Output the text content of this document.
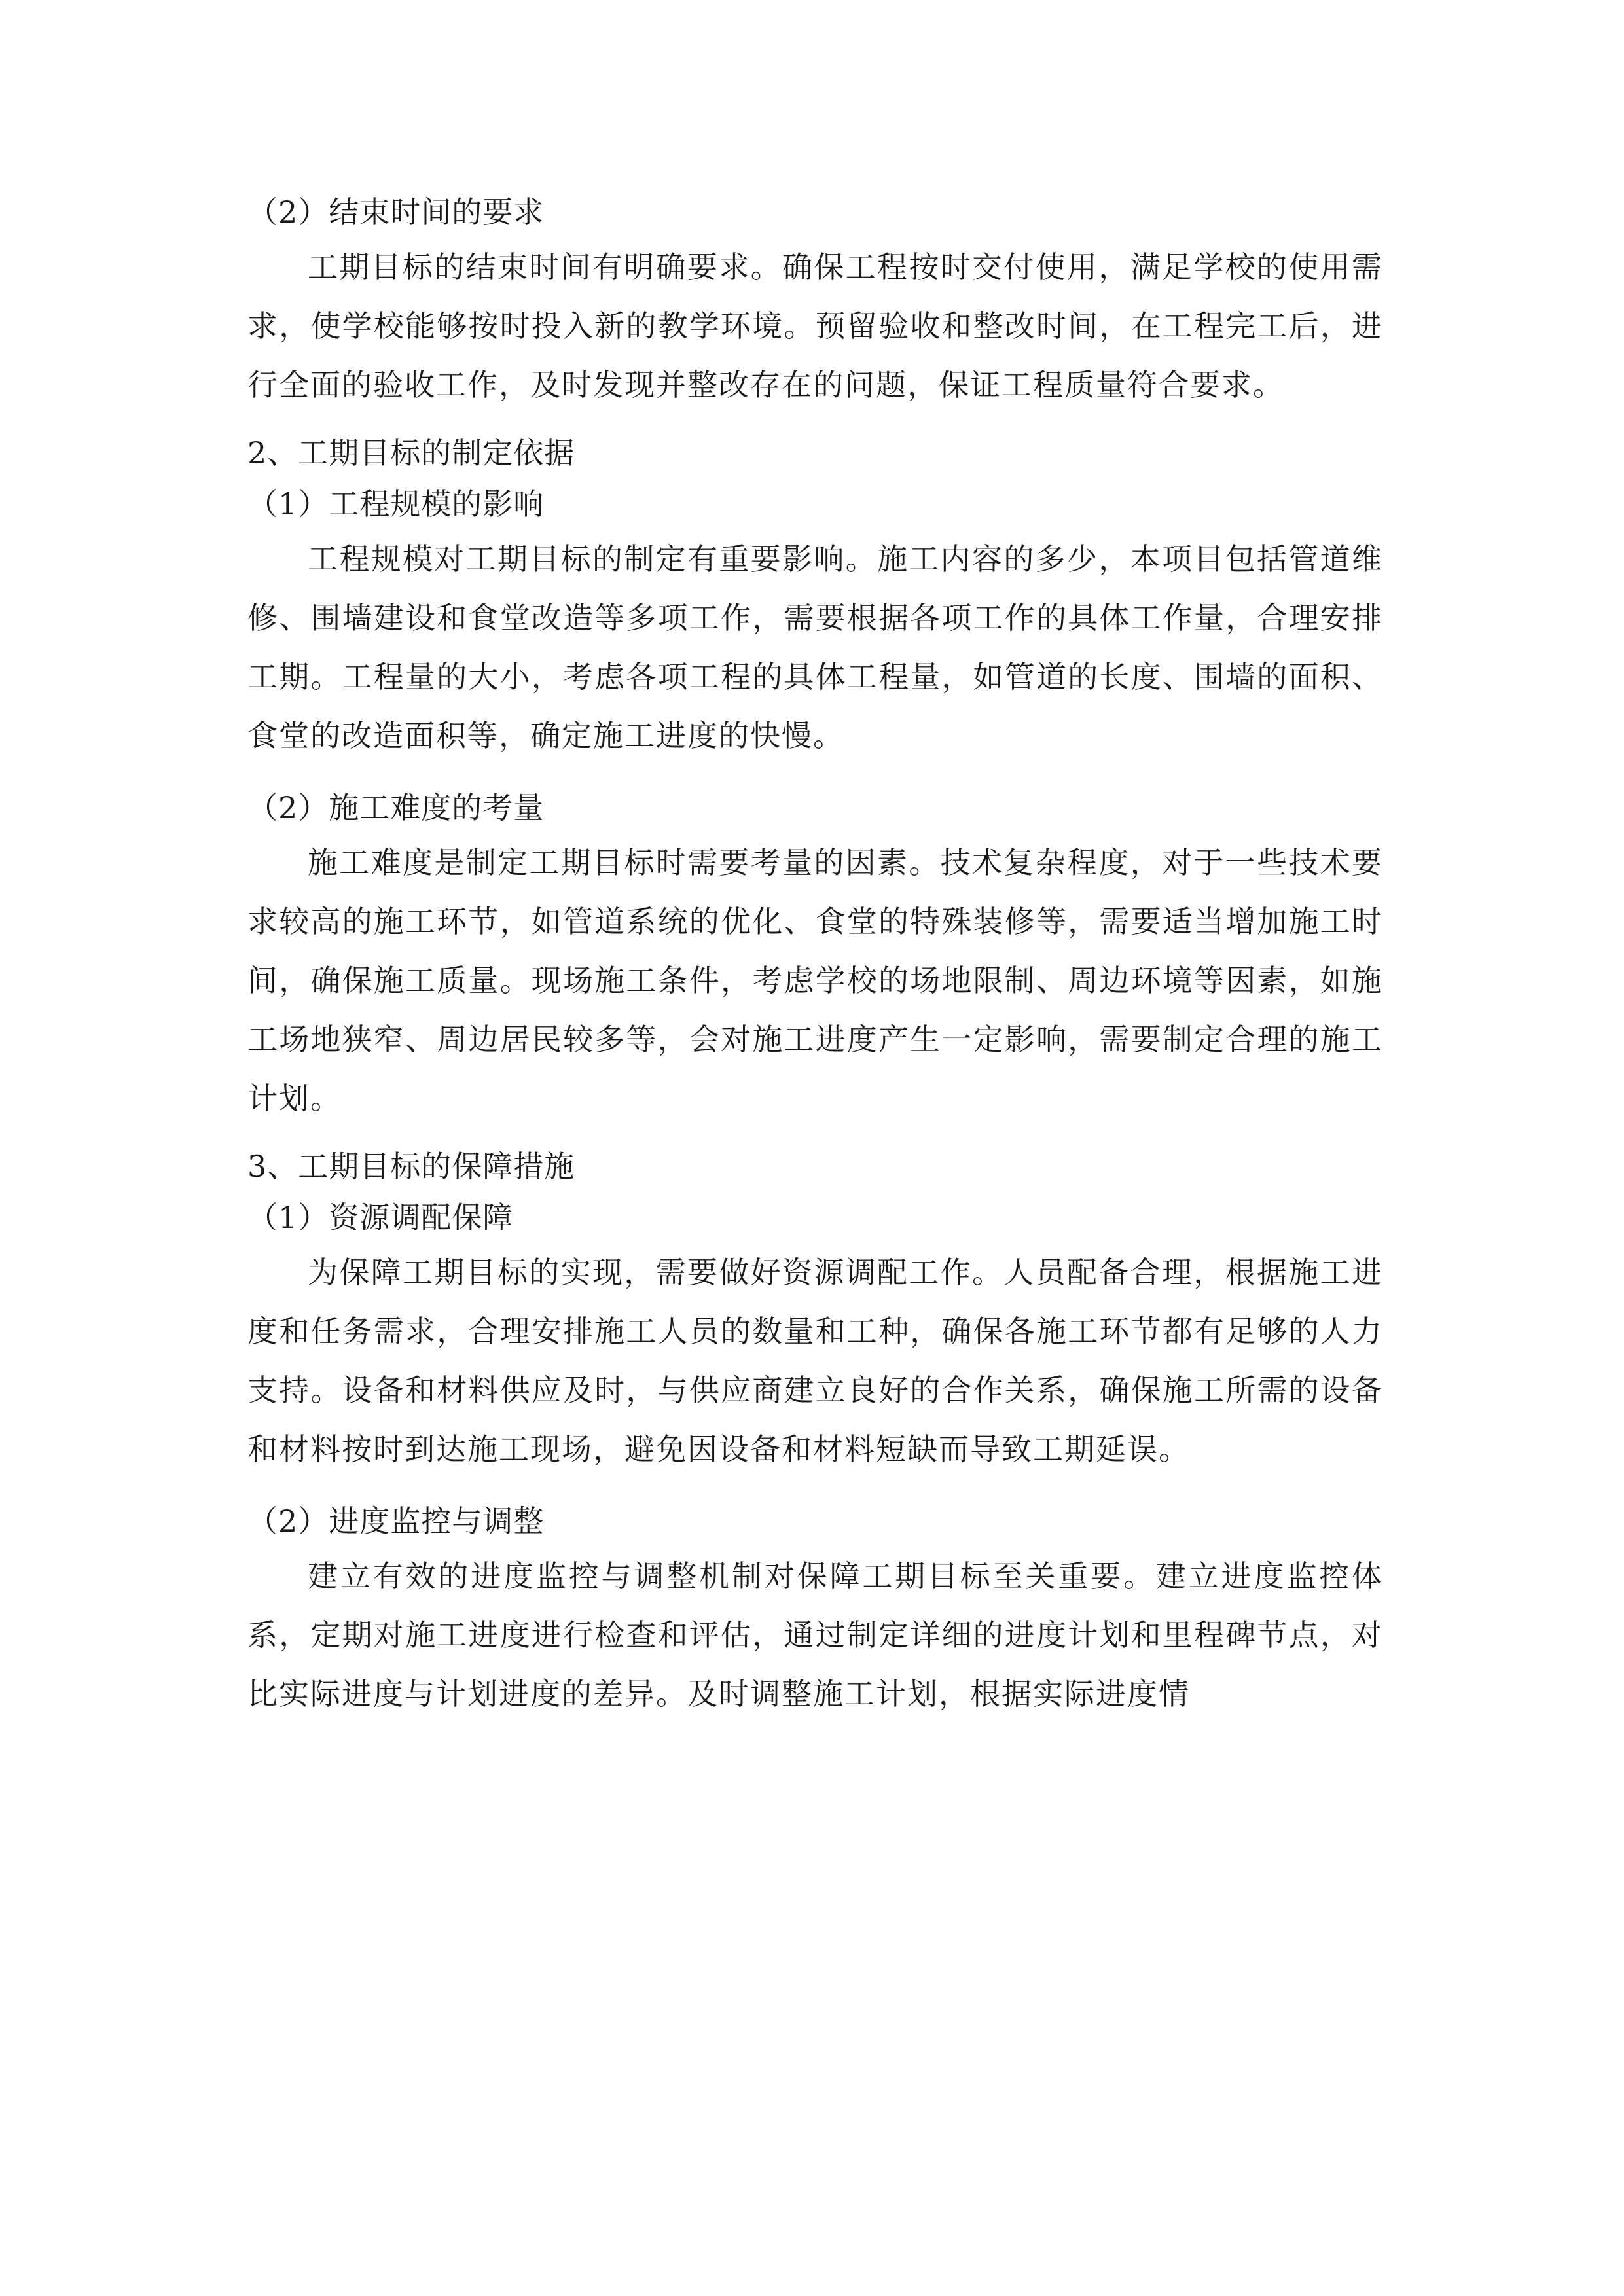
（2）结束时间的要求

工期目标的结束时间有明确要求。确保工程按时交付使用，满足学校的使用需求，使学校能够按时投入新的教学环境。预留验收和整改时间，在工程完工后，进行全面的验收工作，及时发现并整改存在的问题，保证工程质量符合要求。

2、工期目标的制定依据

（1）工程规模的影响

工程规模对工期目标的制定有重要影响。施工内容的多少，本项目包括管道维修、围墙建设和食堂改造等多项工作，需要根据各项工作的具体工作量，合理安排工期。工程量的大小，考虑各项工程的具体工程量，如管道的长度、围墙的面积、食堂的改造面积等，确定施工进度的快慢。

（2）施工难度的考量

施工难度是制定工期目标时需要考量的因素。技术复杂程度，对于一些技术要求较高的施工环节，如管道系统的优化、食堂的特殊装修等，需要适当增加施工时间，确保施工质量。现场施工条件，考虑学校的场地限制、周边环境等因素，如施工场地狭窄、周边居民较多等，会对施工进度产生一定影响，需要制定合理的施工计划。

3、工期目标的保障措施

（1）资源调配保障

为保障工期目标的实现，需要做好资源调配工作。人员配备合理，根据施工进度和任务需求，合理安排施工人员的数量和工种，确保各施工环节都有足够的人力支持。设备和材料供应及时，与供应商建立良好的合作关系，确保施工所需的设备和材料按时到达施工现场，避免因设备和材料短缺而导致工期延误。

（2）进度监控与调整

建立有效的进度监控与调整机制对保障工期目标至关重要。建立进度监控体系，定期对施工进度进行检查和评估，通过制定详细的进度计划和里程碑节点，对比实际进度与计划进度的差异。及时调整施工计划，根据实际进度情
